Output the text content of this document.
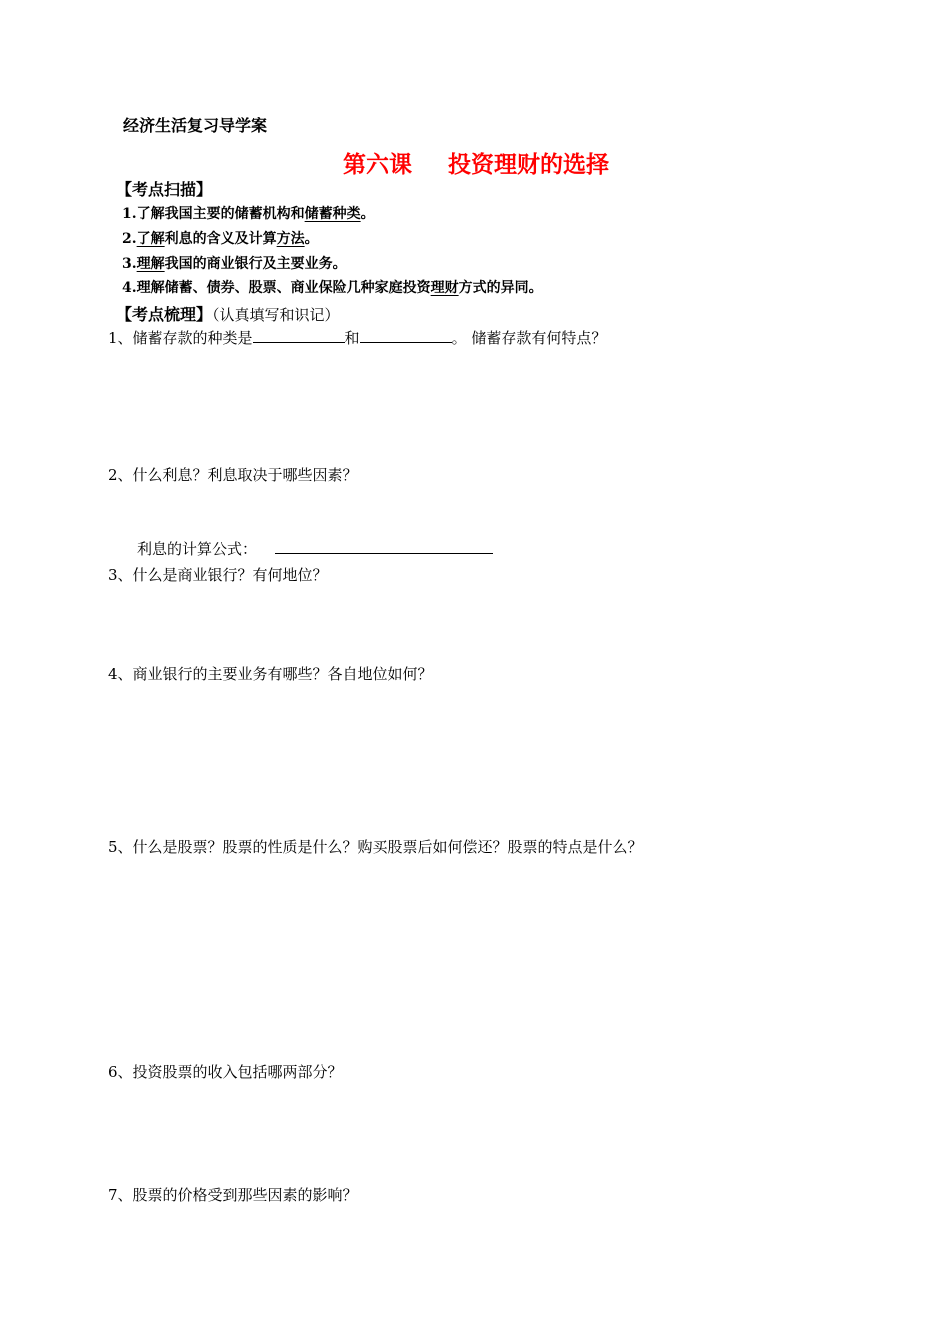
经济生活复习导学案
第六课 投资理财的选择
【考点扫描】
1.了解我国主要的储蓄机构和储蓄种类。
2.了解利息的含义及计算方法。
3.理解我国的商业银行及主要业务。
4.理解储蓄、债券、股票、商业保险几种家庭投资理财方式的异同。
【考点梳理】（认真填写和识记）
1、储蓄存款的种类是	和	。 储蓄存款有何特点？
2、什么利息？利息取决于哪些因素？
利息的计算公式：
3、什么是商业银行？有何地位？
4、商业银行的主要业务有哪些？各自地位如何？
5、什么是股票？股票的性质是什么？购买股票后如何偿还？股票的特点是什么？
6、投资股票的收入包括哪两部分？
7、股票的价格受到那些因素的影响？
